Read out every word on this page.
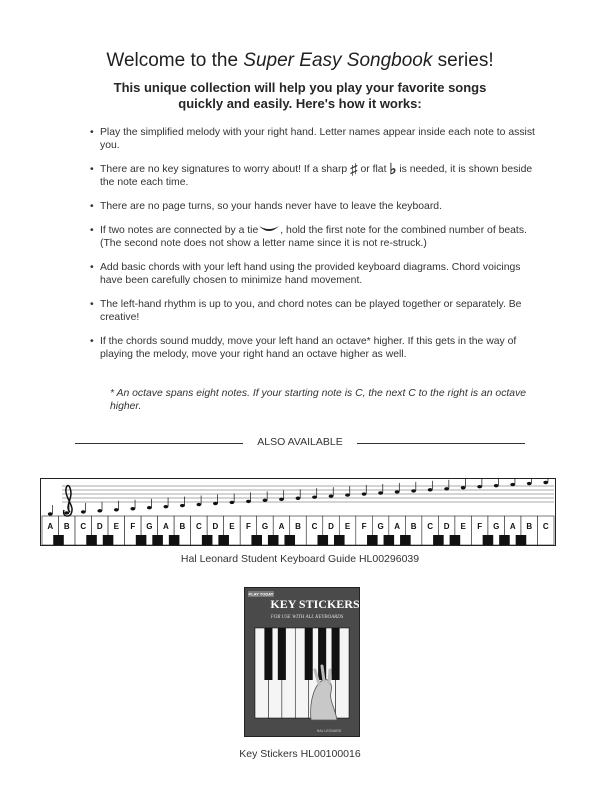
Welcome to the Super Easy Songbook series!
This unique collection will help you play your favorite songs
quickly and easily. Here's how it works:
• Play the simplified melody with your right hand. Letter names appear inside each note to assist you.
• There are no key signatures to worry about! If a sharp ♯ or flat ♭ is needed, it is shown beside the note each time.
• There are no page turns, so your hands never have to leave the keyboard.
• If two notes are connected by a tie , hold the first note for the combined number of beats. (The second note does not show a letter name since it is not re-struck.)
• Add basic chords with your left hand using the provided keyboard diagrams. Chord voicings have been carefully chosen to minimize hand movement.
• The left-hand rhythm is up to you, and chord notes can be played together or separately. Be creative!
• If the chords sound muddy, move your left hand an octave* higher. If this gets in the way of playing the melody, move your right hand an octave higher as well.
* An octave spans eight notes. If your starting note is C, the next C to the right is an octave higher.
ALSO AVAILABLE
A B C D E F G A B C D E F G A B C D E F G A B C D E F G A B C
Hal Leonard Student Keyboard Guide HL00296039
PLAY TODAY
KEY STICKERS
FOR USE WITH ALL KEYBOARDS
HAL LEONARD
Key Stickers HL00100016
